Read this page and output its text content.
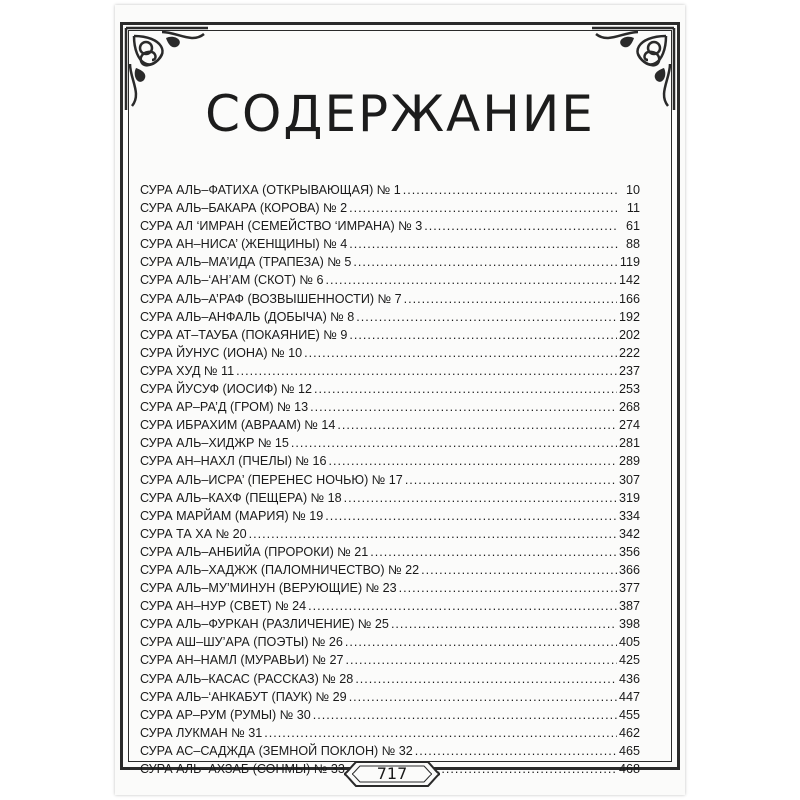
СОДЕРЖАНИЕ
СУРА АЛЬ–ФАТИХА (ОТКРЫВАЮЩАЯ) № 1 .....	10
СУРА АЛЬ–БАКАРА (КОРОВА) № 2 .....	11
СУРА АЛ ‘ИМРАН (СЕМЕЙСТВО ‘ИМРАНА) № 3 .....	61
СУРА АН–НИСА’ (ЖЕНЩИНЫ) № 4 .....	88
СУРА АЛЬ–МА’ИДА (ТРАПЕЗА) № 5 .....	119
СУРА АЛЬ–‘АН’АМ (СКОТ) № 6 .....	142
СУРА АЛЬ–А’РАФ (ВОЗВЫШЕННОСТИ) № 7 .....	166
СУРА АЛЬ–АНФАЛЬ (ДОБЫЧА) № 8 .....	192
СУРА АТ–ТАУБА (ПОКАЯНИЕ) № 9 .....	202
СУРА ЙУНУС (ИОНА) № 10 .....	222
СУРА ХУД № 11 .....	237
СУРА ЙУСУФ (ИОСИФ) № 12 .....	253
СУРА АР–РА’Д (ГРОМ) № 13 .....	268
СУРА ИБРАХИМ (АВРААМ) № 14 .....	274
СУРА АЛЬ–ХИДЖР № 15 .....	281
СУРА АН–НАХЛ (ПЧЕЛЫ) № 16 .....	289
СУРА АЛЬ–ИСРА’ (ПЕРЕНЕС НОЧЬЮ) № 17 .....	307
СУРА АЛЬ–КАХФ (ПЕЩЕРА) № 18 .....	319
СУРА МАРЙАМ (МАРИЯ) № 19 .....	334
СУРА ТА ХА № 20 .....	342
СУРА АЛЬ–АНБИЙА (ПРОРОКИ) № 21 .....	356
СУРА АЛЬ–ХАДЖЖ (ПАЛОМНИЧЕСТВО) № 22 .....	366
СУРА АЛЬ–МУ’МИНУН (ВЕРУЮЩИЕ) № 23 .....	377
СУРА АН–НУР (СВЕТ) № 24 .....	387
СУРА АЛЬ–ФУРКАН (РАЗЛИЧЕНИЕ) № 25 .....	398
СУРА АШ–ШУ’АРА (ПОЭТЫ) № 26 .....	405
СУРА АН–НАМЛ (МУРАВЬИ) № 27 .....	425
СУРА АЛЬ–КАСАС (РАССКАЗ) № 28 .....	436
СУРА АЛЬ–‘АНКАБУТ (ПАУК) № 29 .....	447
СУРА АР–РУМ (РУМЫ) № 30 .....	455
СУРА ЛУКМАН № 31 .....	462
СУРА АС–САДЖДА (ЗЕМНОЙ ПОКЛОН) № 32 .....	465
СУРА АЛЬ–АХЗАБ (СОНМЫ) № 33 .....	468
717
